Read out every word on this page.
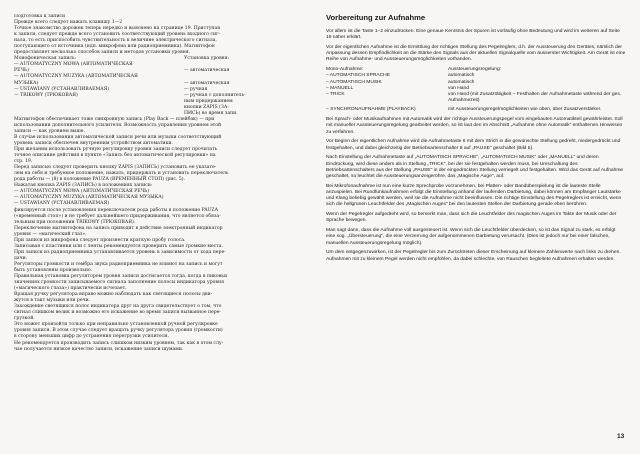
Подготовка к записи

Прежде всего следует нажать клавишу 1—2

Точное знакомство дорожек теперь нередко и выяснено на странице 19. Приступая

к записи, следует прежде всего установить соответствующий уровень входного сиг-

нала, то есть приспособить чувствительность к величине электрического сигнала,

поступающего от источника (ндп. микрофона или радиоприемника). Магнитофон

предоставляет несколько способов записи и методов установки уровня.

Монофоническая запись:	Установка уровня:
— AUTOMATYCZNY MOWA (АВТОМАТИЧЕСКАЯ
РЕЧЬ)	— автоматическая
— AUTOMATYCZNY MUZYKA (АВТОМАТИЧЕСКАЯ
МУЗЫКА)	— автоматическая
— USTAWIANY (УСТАНАВЛИВАЕМАЯ)	— ручная
— TRIKOWY (ТРЮКОВАЯ)	— ручная с дополнитель-
ным придержанием
кнопки ZAPIS (ЗА-
ПИСЬ) во время запи.

Магнитофон обеспечивает тоже синхронную запись (Play Back — плейбэк) — при

использовании дополнительного усилителя. Возможность управления уровнем этой

записи — как уровнем выше.

В случае использования автоматической записи речи или музыки соответствующий

уровень записи обеспечен внутренним устройством автоматики.

При желании использовать ручную регулировку уровня записи следует прочитать

точное описание действия в пункте «Запись без автоматической регулировки» на

стр. 19.

Перед записью следует проверить кнопку ZAPIS (ЗАПИСЬ) установить ее указате-

лем на себя и требуемое положение, нажать, придержать и установить переключатель

рода работы — (8) в положение PAUZA (ВРЕМЕННЫЙ СТОП) (рис. 5).

Нажатая кнопка ZAPIS (ЗАПИСЬ) в положениях записи:

— AUTOMATYCZNY MOWA (АВТОМАТИЧЕСКАЯ РЕЧЬ)

— AUTOMATYCZNY MUZYKA (АВТОМАТИЧЕСКАЯ МУЗЫКА)

— USTAWIANY (УСТАНАВЛИВАЕМАЯ)

фиксируется после установления переключателя рода работы в положение PAUZA

(«временный стоп») и не требует дальнейшего придерживания, что является обяза-

тельным при положении TRIKOWY (ТРЮКОВАЯ).

Переключение магнитофона на запись приводит в действие электронный индикатор

уровня — «магический глаз».

При записи из микрофона следует произнести краткую пробу голоса.

Записывая с пластинки или с ленты рекомендуется проверить самые громкие места.

При записи из радиоприемника устанавливается уровень в зависимости от хода пере-

дачи.

Регуляторы громкости и тембра звука радиоприемника не влияют на запись и могут

быть установлены произвольно.

Правильная установка регулятором уровня записи достигается тогда, когда в пиковых

значениях громкости записываемого сигнала заполнение полосы индикатора уровня

(«магического глаза») практически исчезает.

Вращая ручку регулятора вправо можно наблюдать как светящиеся полосы дви-

жутся в такт музыки или речи.

Захождение светящихся полос индикатора друг на друга свидетельствует о том, что

сигнал слишком велик и возможно его искажение во время записи вызванное пере-

грузкой.

Это может произойти только при неправильно установленной ручной регулировке

уровня записи. В этом случае следует вращать ручку регулятора уровня (громкости)

в сторону меньших цифр до устранения перегрузки усилителя.

Не рекомендуется производить запись слишком низким уровнем, так как в этом слу-

чае получается низкое качество записи, искажение записи шумами.

Vorbereitung zur Aufnahme

Vor allem ist die Taste 1–2 einzudrücken. Eine genaue Kenntnis der Spuren ist vorläufig ohne Bedeutung und wird im weiteren auf Seite 19 näher erklärt.

Vor der eigentlichen Aufnahme ist die Ermittlung der richtigen Stellung des Pegelreglers, d.h. der Aussteuerung des Gerätes, nämlich der Anpassung dessen Empfindlichkeit an die Stärke des Signals aus der aktuellen Signalquelle vom äusserster Wichtigkeit. Am Gerät ist eine Reihe von Aufnahme- und Aussteuerungsmöglichkeiten vorhanden.

Mono-Aufnahme:	Aussteuerungsregelung:
– AUTOMATISCH SPRACHE	automatisch
– AUTOMATISCH MUSIK	automatisch
– MANUELL	von Hand
– TRICK	von Hand (mit Zusatztätigkeit – Festhalten der Aufnahmetaste während der ges. Aufnahmezeit)
– SYNCHRONAUFNAHME (PLAYBACK)	mit Aussteuerungsregelmöglichkeiten wie oben, über Zusatzverstärker.

Bei Sprach- oder Musikaufnahmen mit Automatik wird der richtige Aussteuerungspegel vom eingebauten Automatikteil gewährleistet. Soll mit manueller Aussteuerungsregelung gearbeitet werden, so ist laut den im Abschnitt „Aufnahme ohne Automatik" enthaltenen Hinweisen zu verfahren.

Vor Beginn der eigentlichen Aufnahme wird die Aufnahmetaste 6 mit dem Strich in die gewünschte Stellung gedreht, niedergedrückt und festgehalten, und dabei gleichzeitig der Betriebsartenschalter 8 auf „PAUSE" geschaltet (Bild 5).

Nach Einstellung der Aufnahmetaste auf „AUTOMATISCH SPRACHE", „AUTOMATISCH MUSIK" oder „MANUELL" und deren Eindrückung, wird diese anders als in Stellung „TRICK", bei der sie festgehalten werden muss, bei Umschaltung des Betriebsartenschalters aus der Stellung „PAUSE" in der eingedrückten Stellung verriegelt und festgehalten. Wird das Gerät auf Aufnahme geschaltet, so leuchtet die Aussteuerungsanzeigeröhre, das „Magische Auge", auf.

Bei Mikrofonaufnahme ist nun eine kurze Sprechprobe vorzunehmen, bei Platten- oder Bandüberspielung ist die lauteste Stelle anzuspielen. Bei Rundfunkaufnahmen erfolgt die Einstellung anhand der laufenden Darbietung, dabei können am Empfänger Lautstärke und Klang beliebig gewählt werden, weil sie die Aufnahme nicht beeinflussen. Die richtige Einstellung des Pegelreglers ist erreicht, wenn sich die hellgrünen Leuchtfelder des „Magischen Auges" bei den lautesten Stellen der Darbietung gerade eben berühren.

Wenn der Pegelregler aufgedreht wird, so bemerkt man, dass sich die Leuchtfelder des magischen Auges im Takte der Musik oder der Sprache bewegen.

Man sagt dann, dass die Aufnahme voll ausgesteuert ist. Wenn sich die Leuchtfelder überdecken, so ist das Signal zu stark, es erfolgt eine sog. „Übersteuerung", die eine Verzerrung der aufgenommenen Darbietung verursacht. (Dies ist jedoch nur bei einer falschen, manuellen Aussteuerungsregelung möglich).

Um dem entgegenzuwirken, ist der Pegelregler bis zum Zurücktreten dieser Erscheinung auf kleinere Zahlenwerte nach links zu drehen. Aufnahmen mit zu kleinem Pegel werden nicht empfohlen, da dabei schlechte, von Rauschen begleitete Aufnahmen erhalten werden.

13
